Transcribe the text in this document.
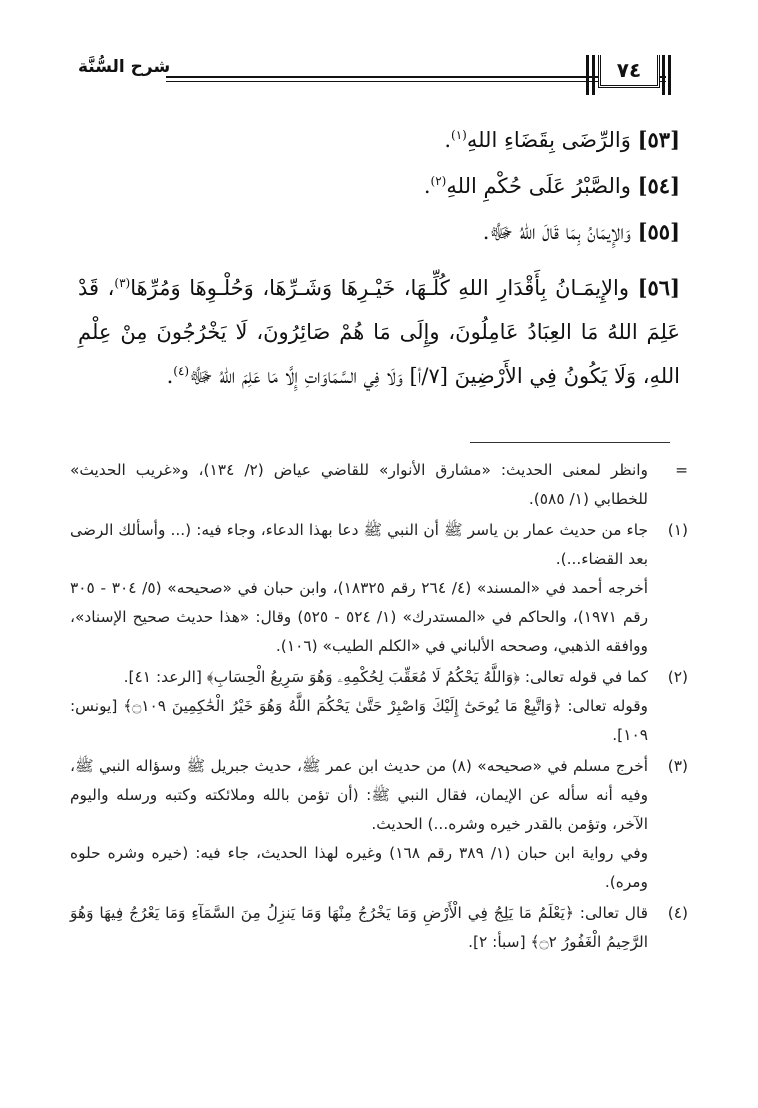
٧٤
شرح السُّنَّة

[٥٣] وَالرِّضَى بِقَضَاءِ اللهِ$^{(١)}$.

[٥٤] والصَّبْرُ عَلَى حُكْمِ اللهِ$^{(٢)}$.

[٥٥] وَالإِيمَانُ بِمَا قَالَ اللهُ ﷻ.

[٥٦] والإِيمَـانُ بِأَقْدَارِ اللهِ كُلِّـهَا، خَيْـرِهَا وَشَـرِّهَا، وَحُلْـوِهَا وَمُرِّهَا$^{(٣)}$، قَدْ عَلِمَ اللهُ مَا العِبَادُ عَامِلُونَ، وإِلَى مَا هُمْ صَائِرُونَ، لَا يَخْرُجُونَ مِنْ عِلْمِ اللهِ، وَلَا يَكُونُ فِي الأَرْضِينَ [٧/أ] وَلَا فِي السَّمَاوَاتِ إِلَّا مَا عَلِمَ اللهُ ﷻ$^{(٤)}$.

=

وانظر لمعنى الحديث: «مشارق الأنوار» للقاضي عياض (٢/ ١٣٤)، و«غريب الحديث» للخطابي (١/ ٥٨٥).

(١)

جاء من حديث عمار بن ياسر ﷺ أن النبي ﷺ دعا بهذا الدعاء، وجاء فيه: (... وأسألك الرضى بعد القضاء...).

أخرجه أحمد في «المسند» (٤/ ٢٦٤ رقم ١٨٣٢٥)، وابن حبان في «صحيحه» (٥/ ٣٠٤ - ٣٠٥ رقم ١٩٧١)، والحاكم في «المستدرك» (١/ ٥٢٤ - ٥٢٥) وقال: «هذا حديث صحيح الإسناد»، ووافقه الذهبي، وصححه الألباني في «الكلم الطيب» (١٠٦).

(٢)

كما في قوله تعالى: ﴿وَاللَّهُ يَحْكُمُ لَا مُعَقِّبَ لِحُكْمِهِۦ وَهُوَ سَرِيعُ الْحِسَابِ﴾ [الرعد: ٤١].

وقوله تعالى: ﴿وَاتَّبِعْ مَا يُوحَىٰٓ إِلَيْكَ وَاصْبِرْ حَتَّىٰ يَحْكُمَ اللَّهُ وَهُوَ خَيْرُ الْحَٰكِمِينَ ۝١٠٩﴾ [يونس: ١٠٩].

(٣)

أخرج مسلم في «صحيحه» (٨) من حديث ابن عمر ﷺ، حديث جبريل ﷺ وسؤاله النبي ﷺ، وفيه أنه سأله عن الإيمان، فقال النبي ﷺ: (أن تؤمن بالله وملائكته وكتبه ورسله واليوم الآخر، وتؤمن بالقدر خيره وشره...) الحديث.

وفي رواية ابن حبان (١/ ٣٨٩ رقم ١٦٨) وغيره لهذا الحديث، جاء فيه: (خيره وشره حلوه ومره).

(٤)

قال تعالى: ﴿يَعْلَمُ مَا يَلِجُ فِي الْأَرْضِ وَمَا يَخْرُجُ مِنْهَا وَمَا يَنزِلُ مِنَ السَّمَآءِ وَمَا يَعْرُجُ فِيهَا وَهُوَ الرَّحِيمُ الْغَفُورُ ۝٢﴾ [سبأ: ٢].
